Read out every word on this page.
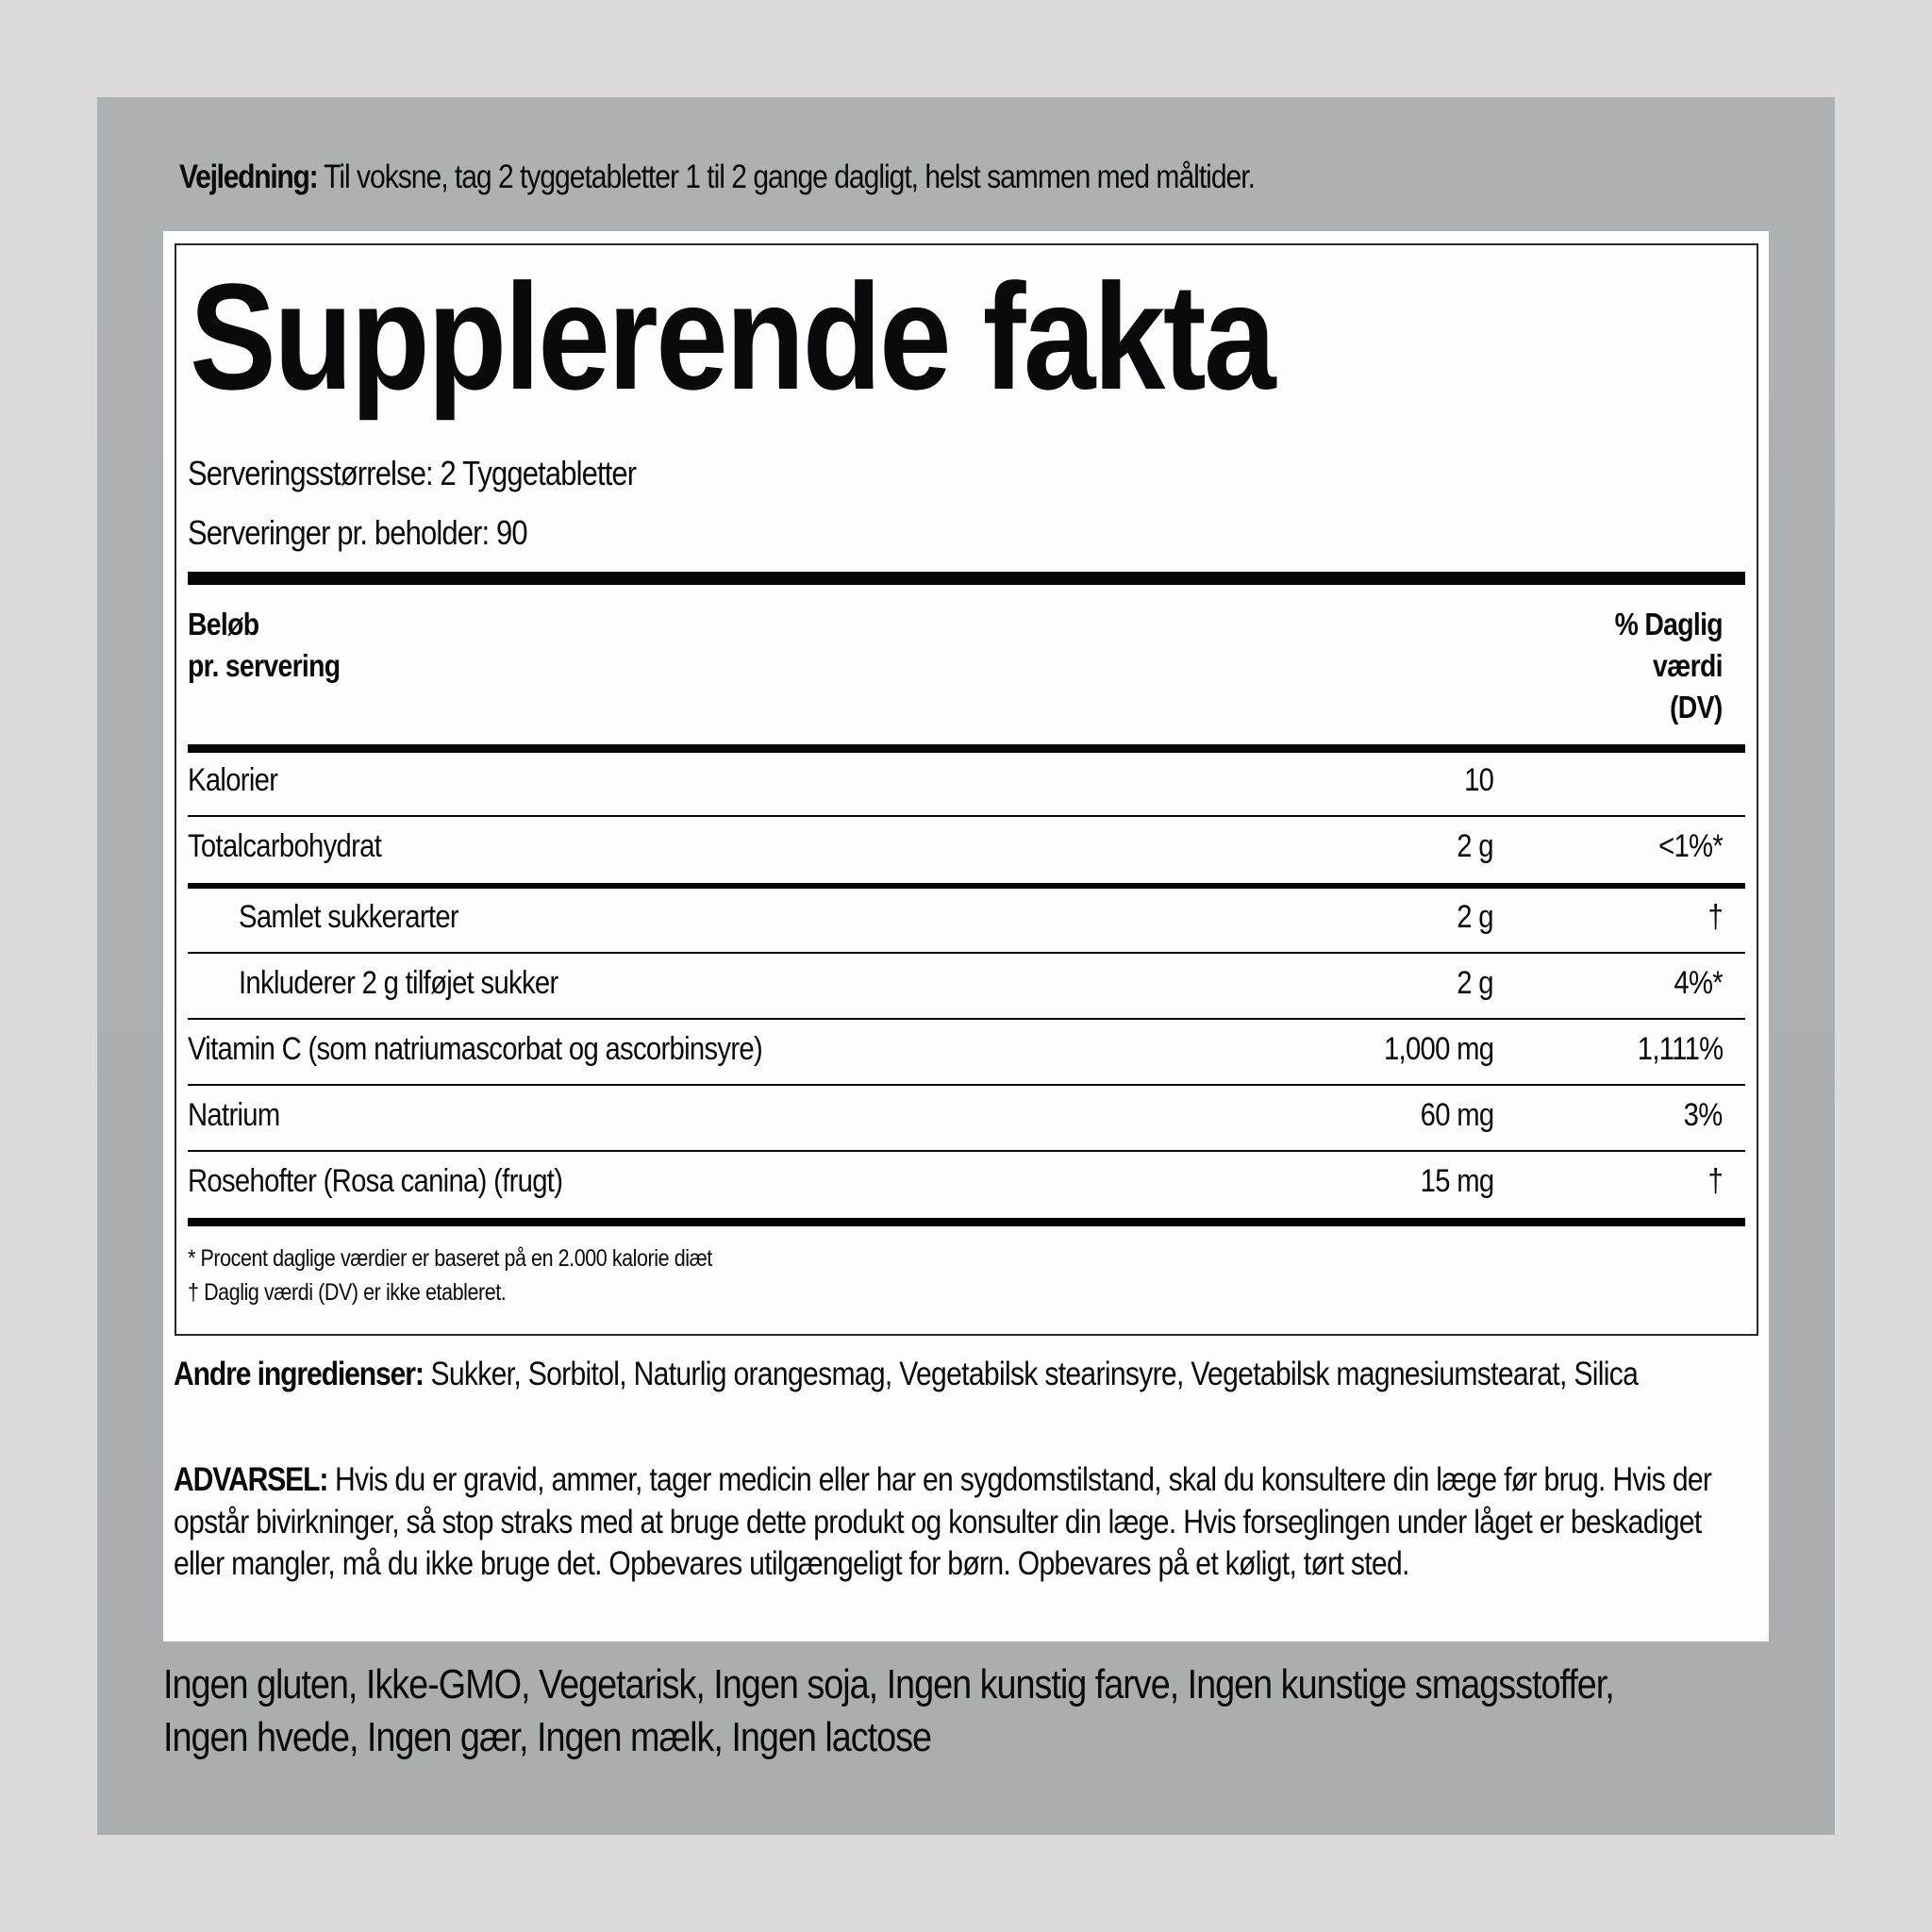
Vejledning: Til voksne, tag 2 tyggetabletter 1 til 2 gange dagligt, helst sammen med måltider.
Supplerende fakta
Serveringsstørrelse: 2 Tyggetabletter
Serveringer pr. beholder: 90
Beløb
pr. servering
% Daglig
værdi
(DV)
Kalorier	10
Totalcarbohydrat	2 g	<1%*
Samlet sukkerarter	2 g	†
Inkluderer 2 g tilføjet sukker	2 g	4%*
Vitamin C (som natriumascorbat og ascorbinsyre)	1,000 mg	1,111%
Natrium	60 mg	3%
Rosehofter (Rosa canina) (frugt)	15 mg	†
* Procent daglige værdier er baseret på en 2.000 kalorie diæt
† Daglig værdi (DV) er ikke etableret.
Andre ingredienser: Sukker, Sorbitol, Naturlig orangesmag, Vegetabilsk stearinsyre, Vegetabilsk magnesiumstearat, Silica
ADVARSEL: Hvis du er gravid, ammer, tager medicin eller har en sygdomstilstand, skal du konsultere din læge før brug. Hvis der opstår bivirkninger, så stop straks med at bruge dette produkt og konsulter din læge. Hvis forseglingen under låget er beskadiget eller mangler, må du ikke bruge det. Opbevares utilgængeligt for børn. Opbevares på et køligt, tørt sted.
Ingen gluten, Ikke-GMO, Vegetarisk, Ingen soja, Ingen kunstig farve, Ingen kunstige smagsstoffer,
Ingen hvede, Ingen gær, Ingen mælk, Ingen lactose
